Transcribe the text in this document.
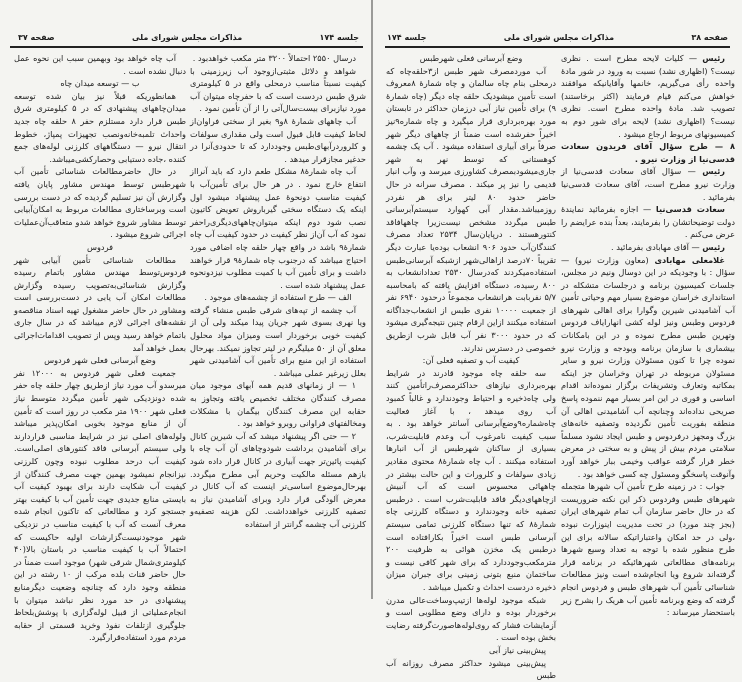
صفحه ۳۷	مذاکرات مجلس شورای ملی	جلسه ۱۷۴

درسال ۲۵۵۰ احتمالاً ۳۲۰۰ متر مکعب خواهدبود .

شواهد و دلائل مثبتی‌ازوجود آب زیرزمینی با کیفیت نسبتاً مناسب درمحلی واقع در ۵ کیلومتری شرق طبس دردست است که با حفرچاه میتوان آب مورد نیازبرای بیست‌سال‌آتی را از آن تأمین نمود .

آب چاههای شمارهٔ ۸و۹ بغیر از سختی فراوان‌از لحاظ کیفیت قابل قبول است ولی مقداری سولفات و کلروردرآبهای‌طبس وجوددارد که تا حدودی‌آنرا در حدغیر مجازقرار میدهد .

آب چاه شمارهٔ۸ مشکل طعم دارد که باید آنرااز انتفاع خارج نمود . در هر حال برای تأمین‌آب با کیفیت مناسب دونحوهٔ عمل پیشنهاد میشود اول اینکه یک دستگاه سختی گیرباروش تعویض کاتیون نصب شود دوم اینکه میتوان‌چاههای‌دیگری‌راحفر نمود که آب آن‌از نظر کیفیت در حدود کیفیت آب چاه شمارهٔ۹ باشد در واقع چهار حلقه چاه اضافی مورد احتیاج میباشد که درجنوب چاه شمارهٔ۹ قرار خواهند داشت و برای تأمین آب با کمیت مطلوب نیزدونحوه عمل پیشنهاد شده است .

الف — طرح استفاده از چشمه‌های موجود .

آب چشمه از تپه‌های شرقی طبس منشاء گرفته ویا نهری بسوی شهر جریان پیدا میکند ولی آن از کیفیت خوبی برخوردار است ومیزان مواد محلول معلق آن از ۵۰ میلیگرم در لیتر تجاوز نمیکند. بهرحال استفاده از این منبع برای تأمین آب آشامیدنی شهر بعلل زیرغیر عملی میباشد .

۱ — از زمانهای قدیم همه آبهای موجود میان مصرف کنندگان مختلف تخصیص یافته وتجاوز به حقابه این مصرف کنندگان بیگمان با مشکلات ومخالفتهای فراوانی روبرو خواهد بود .

۲ — حتی اگر پیشنهاد میشد که آب شیرین کانال برای آشامیدن برداشت شودوچاهای آن آب چاه با کیفیت پائین‌تر جهت آبیاری در کانال قرار داده شود بازهم مسئله مالکیت وحریم آبی مطرح میگردد. بهرحال‌موضوع اساسی‌تر اینست که آب کانال در معرض آلودگی قرار دارد وبرای آشامیدن نیاز به تصفیه کلرزنی خواهدداشت. لکن هزینه تصفیه‌و کلرزنی آب چشمه گرانتر از استفاده

آب چاه خواهد بود وبهمین سبب این نحوه عمل دنبال نشده است .

ب — توسعه میدان چاه

همانطوریکه قبلاً نیز بیان شده توسعه میدان‌چاههای پیشنهادی که در ۵ کیلومتری شرق طبس قرار دارد مستلزم حفر ۸ حلقه چاه جدید واحداث تلمبه‌خانه‌ونصب تجهیزات پمپاژ، خطوط انتقال نیرو — دستگاههای کلرزنی لوله‌های جمع کننده ،جاده دستیابی وحصارکشی‌میباشد.

در حال حاضرمطالعات شناسائی تأمین آب شهرطبس توسط مهندس مشاور پایان یافته وگزارش آن نیز تسلیم گردیده که در دست بررسی است وبرساختاری مطالعات مربوط به امکان‌آبیابی توسط مشاور شروع خواهد شدو متعاقب‌آن‌عملیات اجرائی شروع میشود .

فردوس

مطالعات شناسائی تأمین آبیابی شهر فردوس‌توسط مهندس مشاور باتمام رسیده وگزارش شناسائی‌به‌تصویب رسیده وگزارش مطالعات امکان آب یابی در دست‌بررسی است ومشاور در حال حاضر مشغول تهیه اسناد مناقصه‌و نقشه‌های اجرائی لازم میباشد که در سال جاری باتمام خواهد رسید وپس از تصویب اقدامات‌اجرائی بعمل خواهد آمد

وضع آبرسانی فعلی شهر فردوس

جمعیت فعلی شهر فردوس به ۱۲۰۰۰ نفر میرسدو آب مورد نیاز ازطریق چهار حلقه چاه حفر شده دونزدیکی شهر تأمین میگردد متوسط نیاز فعلی شهر ۱۹۰۰ متر مکعب در روز است که تأمین آن از منابع موجود بخوبی امکان‌پذیر میباشد ولوله‌های اصلی نیز در شرایط مناسبی قراردارند ولی سیستم آبرسانی فاقد کنتورهای اصلی‌است. کیفیت آب درحد مطلوب نبوده وچون کلرزنی نیزانجام نمیشود بهمین جهت مصرف کنندگان از کیفیت آب شکایت دارند برای بهبود کیفیت آب بایستی منابع جدیدی جهت تأمین آب با کیفیت بهتر جستجو کرد و مطالعاتی که تاکنون انجام شده معرف آنست که آب با کیفیت مناسب در نزدیکی شهر موجودنیست‌گزارشات اولیه حاکیست که احتمالاً آب با کیفیت مناسب در باستان بالا(۴۰ کیلومتری‌شمال شرقی شهر) موجود است ضمناً در حال حاضر قنات بلده مرکب از ۱۰ رشته در این منطقه وجود دارد که چنانچه وضعیت دیگرمنابع پیشنهادی در حد مورد نظر نباشد میتوان با انجام‌عملیاتی از قبیل لوله‌گزاری با پوشش‌بلحاظ جلوگیری ازتلفات نفوذ وخرید قسمتی از حقابه مردم مورد استفاده‌قرارگیرد.

جلسه ۱۷۴	مذاکرات مجلس شورای ملی	صفحه ۳۸

رئیس — کلیات لایحه مطرح است . نظری نیست؟ (اظهاری نشد) نسبت به ورود در شور مادهٔ واحده رأی می‌گیریم، خانمها وآقایانیکه موافقند خواهش می‌کنم قیام فرمایند (اکثر برخاستند) تصویب شد. مادهٔ واحده مطرح است. نظری نیست؟ (اظهاری نشد) لایحه برای شور دوم به کمیسیونهای مربوط ارجاع میشود .

۸ — طرح سؤال آقای فریدون سعادت قدسی‌نیا از وزارت نیرو .

رئیس — سؤال آقای سعادت قدسی‌نیا از وزارت نیرو مطرح است، آقای سعادت قدسی‌نیا بفرمائید .

سعادت قدسی‌نیا — اجازه بفرمائید نمایندهٔ دولت توضیحاتشان را بفرمایند، بعداً بنده عرایضم را عرض می‌کنم .

رئیس — آقای مهابادی بفرمائید .

غلامعلی مهابادی (معاون وزارت نیرو) — سؤال : با وجودیکه در این دوسال ونیم در مجلس، جلسات کمیسیون برنامه و درجلسات متشکله در استانداری خراسان موضوع بسیار مهم وحیاتی تأمین آب آشامیدنی شیرین وگوارا برای اهالی شهرهای فردوس وطبس ونیز لوله کشی انهارایاف فردوس وتهرین طبس مطرح نموده و در این بامکانات بیشماری با سازمان برنامه وبودجه و وزارت نیرو نموده چرا تا کنون مسئولان وزارت نیرو و سایر مسئولان مربوطه در تهران وخراسان جز اینکه بمکاتبه وتعارف وتشریفات برگزار نموده‌اند اقدام اساسی و فوری در این امر بسیار مهم ننموده پاسخ صریحی نداده‌اند وچنانچه آب آشامیدنی اهالی آن منطقه بفوریت تأمین نگردیده وتصفیه خانه‌های بزرگ ومجهز درفردوس و طبس ایجاد نشود مسلماً سلامتی مردم بیش از پیش و به سختی در معرض خطر قرار گرفته عواقب وخیمی ببار خواهد آورد وآنوقت پاسخگو ومسئول چه کسی خواهد بود .

جواب : در زمینه طرح تأمین آب شهرها متجمله شهرهای طبس وفردوس ذکر این نکته ضروریست که در حال حاضر سازمان آب تمام شهرهای ایران (بجز چند مورد) در تحت مدیریت اینوزارت نبوده ،ولی در حد امکان واعتباراتیکه سالانه برای این طرح منظور شده با توجه به تعداد وسیع شهرها برنامه‌های مطالعاتی شهرهائیکه در برنامه قرار گرفته‌اند شروع ویا انجام‌شده است ونیز مطالعات شناسائی تأمین آب شهرهای طبس و فردوس انجام گرفته که وضع وبرنامه تأمین آب هریک را بشرح زیر باستحضار میرساند :

وضع آبرسانی فعلی شهرطبس

آب موردمصرف شهر طبس از۳حلقه‌چاه که درمحلی بنام چاه سالمان و چاه شمارهٔ ۸معروف است تأمین میشودیک حلقه چاه دیگر (چاه شمارهٔ ۹) برای تأمین نیاز آبی درزمان حداکثر در تابستان مورد بهره‌برداری قرار میگیرد و چاه شماره۹نیز اخیراً حفرشده است ضمناً از چاههای دیگر شهر صرفاً برای آبیاری استفاده میشود . آب یک چشمه کوهستانی که توسط نهر به شهر جاری‌میشودبمصرف کشاورزی میرسد و، وآب انبار قدیمی را نیز پر میکند . مصرف سرانه در حال حاضر حدود ۸۰ لیتر برای هر نفردر روزمیباشد.مقدار آبی کهوارد سیستم‌آبرسانی طبس میگردد مشخص نیست‌زیرا چاههافاقد کنتورهستند . درپایان‌سال ۲۵۳۴ تعداد مصرف کنندگان‌آب حدود ۹۰۶ انشعاب بوده‌یا عبارت دیگر تقریباً ۷۰درصد ازاهالی‌شهر ازشبکه آبرسانی‌طبس استفاده‌میکردند که‌درسال ۲۵۳۰ تعدادانشعاب به ۸۰۰ رسیده، دستگاه افزایش یافته که بامحاسبه ۵/۷ نفربابت هرانشعاب مجموعاً درحدود ۶۹۴۰ نفر از جمعیت ۱۰۰۰۰ نفری طبس از انشعاب‌جداگانه استفاده میکنند ازاین ارقام چنین نتیجه‌گیری میشود که در حدود ۳۰۰۰ نفر آب قابل شرب ازطریق خصوصی در دسترس ندارند.

کیفیت آب و تصفیه فعلی آن:

سه حلقه چاه موجود قادرند در شرایط بهره‌برداری نیازهای حداکثرمصرف‌راتأمین کنند ولی چاه‌ذخیره و احتیاط وجودندارد و غالباً کمبود آب روی میدهد ، با آغاز فعالیت چاه‌شماره۹وضع‌آبرسانی آسانتر خواهد بود . به سبب کیفیت نامرغوب آب وعدم قابلیت‌شرب، بسیاری از ساکنان شهرطبس از آب انبارها استفاده میکنند . آب چاه شمارهٔ۸ محتوی مقادیر زیادی سولفات و کلرورات و این حالت بیشتر در چاههائی محسوس است که آب آنبیش ازچاههای‌دیگر فاقد قابلیت‌شرب است . درطبس تصفیه خانه وجودندارد و دستگاه کلرزنی چاه شمارهٔ۸ که تنها دستگاه کلرزنی تمامی سیستم آبرسانی طبس است اخیراً بکارافتاده است درطبس یک مخزن هوائی به ظرفیت ۲۰۰ مترمکعب‌وجوددارد که برای شهر کافی نیست و ساختمان منبع بتونی زمینی برای جبران میزان ذخیره دردست احداث و تکمیل میباشد .

شبکه موجود لوله‌ها ازتیپ‌وساخت‌عالی مدرن برخوردار بوده و دارای وضع مطلوبی است و آزمایشات فشار که روی‌لوله‌هاصورت‌گرفته رضایت بخش بوده است .

پیش‌بینی نیاز آبی

پیش‌بینی میشود حداکثر مصرف روزانه آب طبس
